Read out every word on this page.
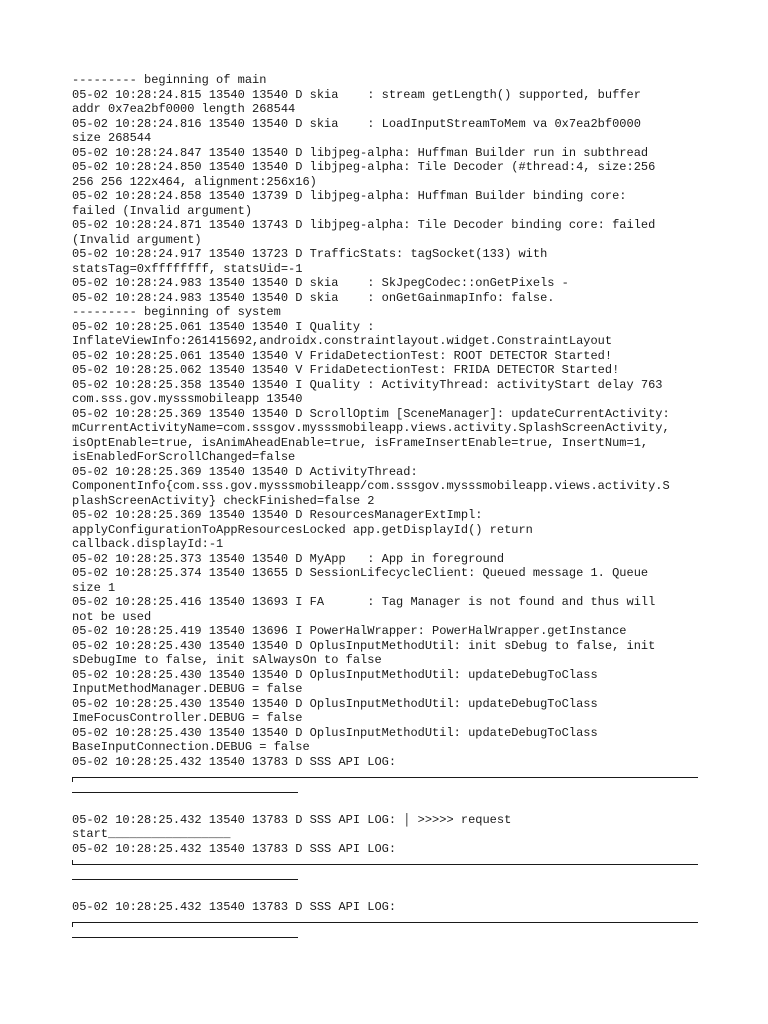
--------- beginning of main
05-02 10:28:24.815 13540 13540 D skia    : stream getLength() supported, buffer
addr 0x7ea2bf0000 length 268544
05-02 10:28:24.816 13540 13540 D skia    : LoadInputStreamToMem va 0x7ea2bf0000
size 268544
05-02 10:28:24.847 13540 13540 D libjpeg-alpha: Huffman Builder run in subthread
05-02 10:28:24.850 13540 13540 D libjpeg-alpha: Tile Decoder (#thread:4, size:256
256 256 122x464, alignment:256x16)
05-02 10:28:24.858 13540 13739 D libjpeg-alpha: Huffman Builder binding core:
failed (Invalid argument)
05-02 10:28:24.871 13540 13743 D libjpeg-alpha: Tile Decoder binding core: failed
(Invalid argument)
05-02 10:28:24.917 13540 13723 D TrafficStats: tagSocket(133) with
statsTag=0xffffffff, statsUid=-1
05-02 10:28:24.983 13540 13540 D skia    : SkJpegCodec::onGetPixels -
05-02 10:28:24.983 13540 13540 D skia    : onGetGainmapInfo: false.
--------- beginning of system
05-02 10:28:25.061 13540 13540 I Quality :
InflateViewInfo:261415692,androidx.constraintlayout.widget.ConstraintLayout
05-02 10:28:25.061 13540 13540 V FridaDetectionTest: ROOT DETECTOR Started!
05-02 10:28:25.062 13540 13540 V FridaDetectionTest: FRIDA DETECTOR Started!
05-02 10:28:25.358 13540 13540 I Quality : ActivityThread: activityStart delay 763
com.sss.gov.mysssmobileapp 13540
05-02 10:28:25.369 13540 13540 D ScrollOptim [SceneManager]: updateCurrentActivity:
mCurrentActivityName=com.sssgov.mysssmobileapp.views.activity.SplashScreenActivity,
isOptEnable=true, isAnimAheadEnable=true, isFrameInsertEnable=true, InsertNum=1,
isEnabledForScrollChanged=false
05-02 10:28:25.369 13540 13540 D ActivityThread:
ComponentInfo{com.sss.gov.mysssmobileapp/com.sssgov.mysssmobileapp.views.activity.S
plashScreenActivity} checkFinished=false 2
05-02 10:28:25.369 13540 13540 D ResourcesManagerExtImpl:
applyConfigurationToAppResourcesLocked app.getDisplayId() return
callback.displayId:-1
05-02 10:28:25.373 13540 13540 D MyApp   : App in foreground
05-02 10:28:25.374 13540 13655 D SessionLifecycleClient: Queued message 1. Queue
size 1
05-02 10:28:25.416 13540 13693 I FA      : Tag Manager is not found and thus will
not be used
05-02 10:28:25.419 13540 13696 I PowerHalWrapper: PowerHalWrapper.getInstance
05-02 10:28:25.430 13540 13540 D OplusInputMethodUtil: init sDebug to false, init
sDebugIme to false, init sAlwaysOn to false
05-02 10:28:25.430 13540 13540 D OplusInputMethodUtil: updateDebugToClass
InputMethodManager.DEBUG = false
05-02 10:28:25.430 13540 13540 D OplusInputMethodUtil: updateDebugToClass
ImeFocusController.DEBUG = false
05-02 10:28:25.430 13540 13540 D OplusInputMethodUtil: updateDebugToClass
BaseInputConnection.DEBUG = false
05-02 10:28:25.432 13540 13783 D SSS API LOG:
05-02 10:28:25.432 13540 13783 D SSS API LOG: │ >>>>> request
start_________________
05-02 10:28:25.432 13540 13783 D SSS API LOG:
05-02 10:28:25.432 13540 13783 D SSS API LOG:
